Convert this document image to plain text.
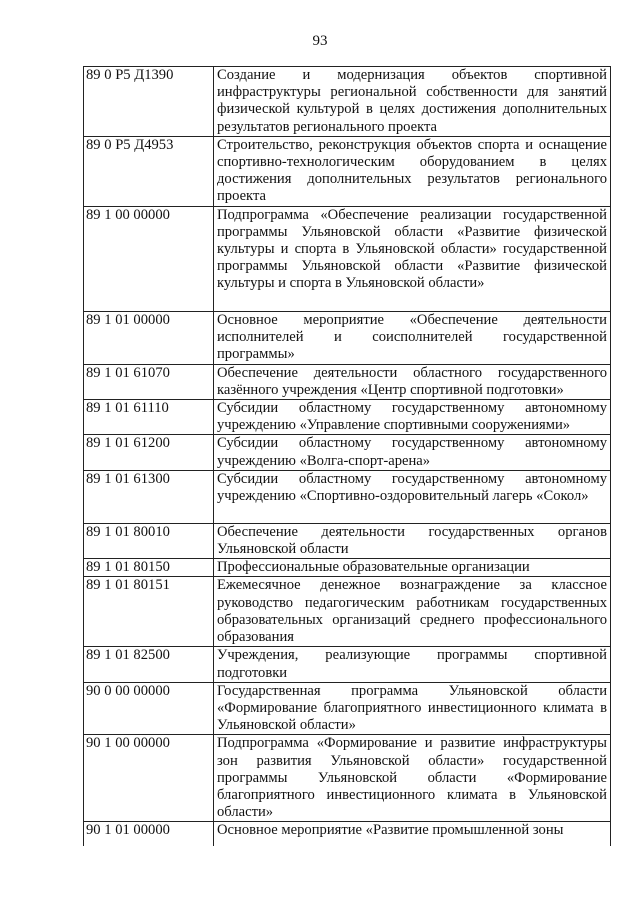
93
89 0 P5 Д1390	Создание и модернизация объектов спортивной инфраструктуры региональной собственности для занятий физической культурой в целях достижения дополнительных результатов регионального проекта
89 0 P5 Д4953	Строительство, реконструкция объектов спорта и оснащение спортивно-технологическим оборудованием в целях достижения дополнительных результатов регионального проекта
89 1 00 00000	Подпрограмма «Обеспечение реализации государственной программы Ульяновской области «Развитие физической культуры и спорта в Ульяновской области» государственной программы Ульяновской области «Развитие физической культуры и спорта в Ульяновской области»
89 1 01 00000	Основное мероприятие «Обеспечение деятельности исполнителей и соисполнителей государственной программы»
89 1 01 61070	Обеспечение деятельности областного государственного казённого учреждения «Центр спортивной подготовки»
89 1 01 61110	Субсидии областному государственному автономному учреждению «Управление спортивными сооружениями»
89 1 01 61200	Субсидии областному государственному автономному учреждению «Волга-спорт-арена»
89 1 01 61300	Субсидии областному государственному автономному учреждению «Спортивно-оздоровительный лагерь «Сокол»
89 1 01 80010	Обеспечение деятельности государственных органов Ульяновской области
89 1 01 80150	Профессиональные образовательные организации
89 1 01 80151	Ежемесячное денежное вознаграждение за классное руководство педагогическим работникам государственных образовательных организаций среднего профессионального образования
89 1 01 82500	Учреждения, реализующие программы спортивной подготовки
90 0 00 00000	Государственная программа Ульяновской области «Формирование благоприятного инвестиционного климата в Ульяновской области»
90 1 00 00000	Подпрограмма «Формирование и развитие инфраструктуры зон развития Ульяновской области» государственной программы Ульяновской области «Формирование благоприятного инвестиционного климата в Ульяновской области»
90 1 01 00000	Основное мероприятие «Развитие промышленной зоны
